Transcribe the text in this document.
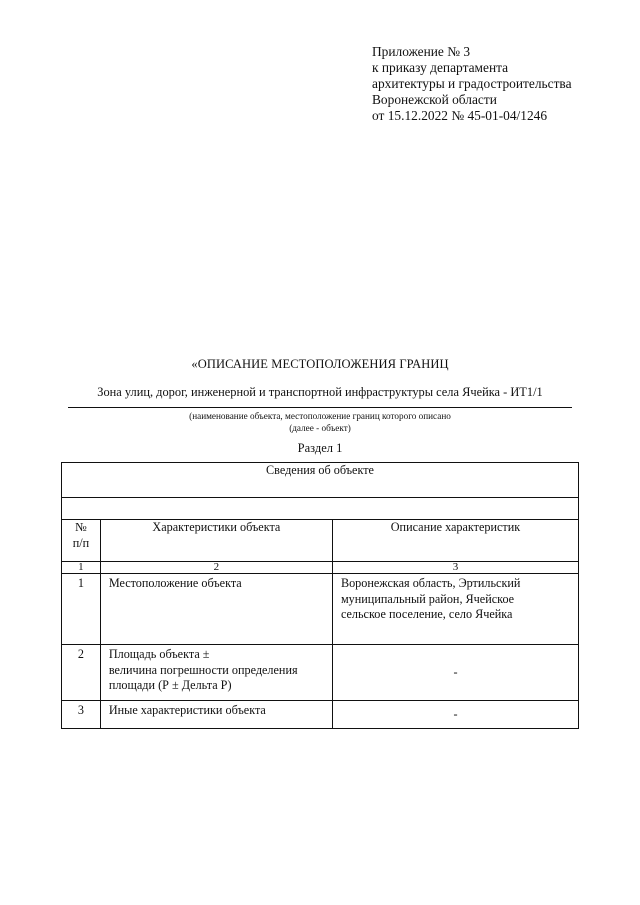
Приложение № 3
к приказу департамента
архитектуры и градостроительства
Воронежской области
от 15.12.2022 № 45-01-04/1246
«ОПИСАНИЕ МЕСТОПОЛОЖЕНИЯ ГРАНИЦ
Зона улиц, дорог, инженерной и транспортной инфраструктуры села Ячейка - ИТ1/1
(наименование объекта, местоположение границ которого описано
(далее - объект)
Раздел 1
Сведения об объекте		

№
п/п	Характеристики объекта	Описание характеристик
1	2	3
1	Местоположение объекта	Воронежская область, Эртильский
муниципальный район, Ячейское
сельское поселение, село Ячейка

2	Площадь объекта ±
величина погрешности определения
площади (Р ± Дельта Р)	-

3	Иные характеристики объекта	-
